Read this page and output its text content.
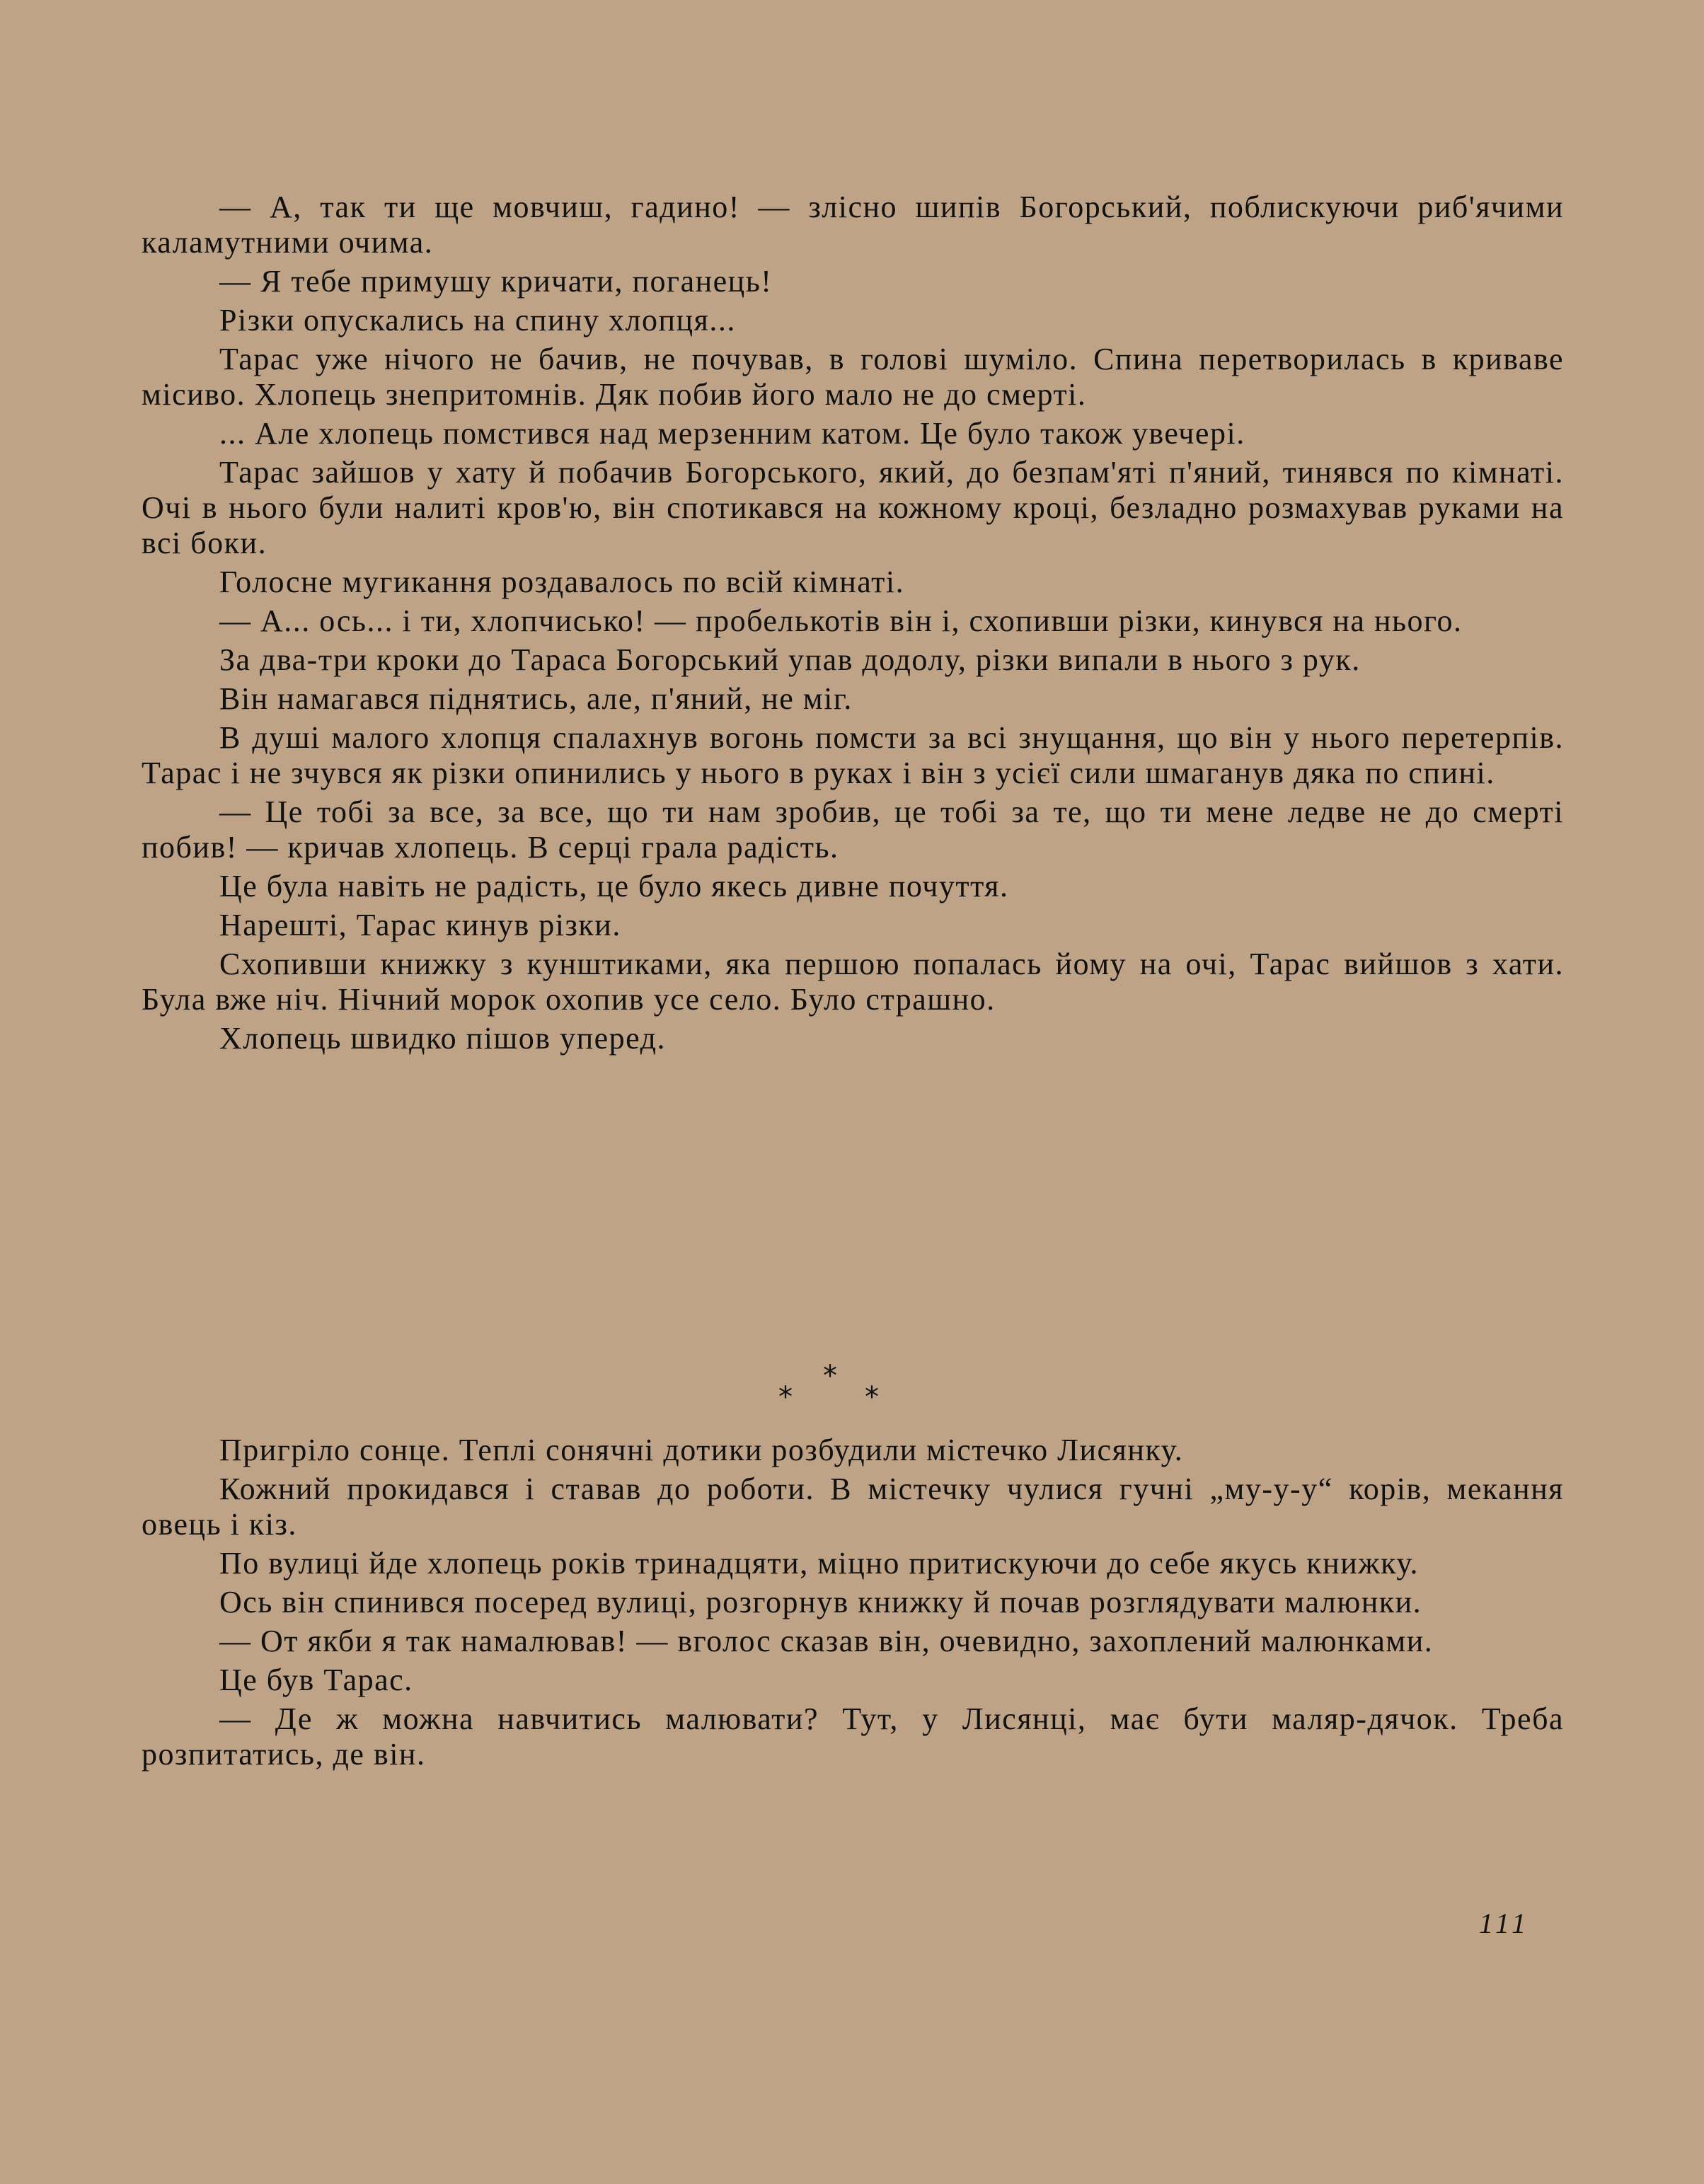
— А, так ти ще мовчиш, гадино! — злісно шипів Богорський, поблискуючи риб'ячими каламутними очима.

— Я тебе примушу кричати, поганець!

Різки опускались на спину хлопця...

Тарас уже нічого не бачив, не почував, в голові шуміло. Спина перетворилась в криваве місиво. Хлопець знепритомнів. Дяк побив його мало не до смерті.

... Але хлопець помстився над мерзенним катом. Це було також увечері.

Тарас зайшов у хату й побачив Богорського, який, до безпам'яті п'яний, тинявся по кімнаті. Очі в нього були налиті кров'ю, він спотикався на кожному кроці, безладно розмахував руками на всі боки.

Голосне мугикання роздавалось по всій кімнаті.

— А... ось... і ти, хлопчисько! — пробелькотів він і, схопивши різки, кинувся на нього.

За два-три кроки до Тараса Богорський упав додолу, різки випали в нього з рук.

Він намагався піднятись, але, п'яний, не міг.

В душі малого хлопця спалахнув вогонь помсти за всі знущання, що він у нього перетерпів. Тарас і не зчувся як різки опинились у нього в руках і він з усієї сили шмаганув дяка по спині.

— Це тобі за все, за все, що ти нам зробив, це тобі за те, що ти мене ледве не до смерті побив! — кричав хлопець. В серці грала радість.

Це була навіть не радість, це було якесь дивне почуття.

Нарешті, Тарас кинув різки.

Схопивши книжку з кунштиками, яка першою попалась йому на очі, Тарас вийшов з хати. Була вже ніч. Нічний морок охопив усе село. Було страшно.

Хлопець швидко пішов уперед.

*
*	*

Пригріло сонце. Теплі сонячні дотики розбудили містечко Лисянку.

Кожний прокидався і ставав до роботи. В містечку чулися гучні „му-у-у“ корів, мекання овець і кіз.

По вулиці йде хлопець років тринадцяти, міцно притискуючи до себе якусь книжку.

Ось він спинився посеред вулиці, розгорнув книжку й почав розглядувати малюнки.

— От якби я так намалював! — вголос сказав він, очевидно, захоплений малюнками.

Це був Тарас.

— Де ж можна навчитись малювати? Тут, у Лисянці, має бути маляр-дячок. Треба розпитатись, де він.

111
